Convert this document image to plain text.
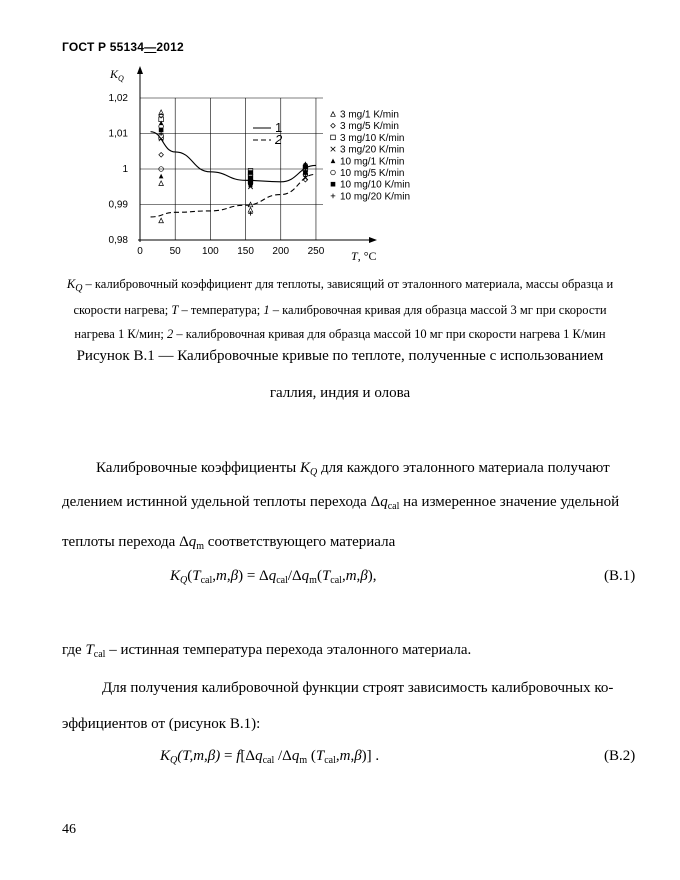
ГОСТ Р 55134—2012
0,98
0,99
1
1,01
1,02
0	50 100 150 200 250
$K_Q$
T, °C
1
2
3 mg/1 K/min
3 mg/5 K/min
3 mg/10 K/min
3 mg/20 K/min
10 mg/1 K/min
10 mg/5 K/min
10 mg/10 K/min
10 mg/20 K/min
$K_Q$ – калибровочный коэффициент для теплоты, зависящий от эталонного материала, массы образца и
скорости нагрева; T – температура; 1 – калибровочная кривая для образца массой 3 мг при скорости
нагрева 1 К/мин; 2 – калибровочная кривая для образца массой 10 мг при скорости нагрева 1 К/мин
Рисунок В.1 — Калибровочные кривые по теплоте, полученные с использованием
галлия, индия и олова
Калибровочные коэффициенты $K_Q$ для каждого эталонного материала получают
делением истинной удельной теплоты перехода $\Delta q_{cal}$ на измеренное значение удельной
теплоты перехода $\Delta q_m$ соответствующего материала
$K_Q(T_{cal},m,\beta) = \Delta q_{cal}/\Delta q_m(T_{cal},m,\beta)$,	(В.1)
где $T_{cal}$ – истинная температура перехода эталонного материала.
Для получения калибровочной функции строят зависимость калибровочных ко-
эффициентов от (рисунок В.1):
$K_Q(T,m,\beta) = f[\Delta q_{cal}$ $/\Delta q_m$ $(T_{cal},m,\beta)$] .	(В.2)
46
